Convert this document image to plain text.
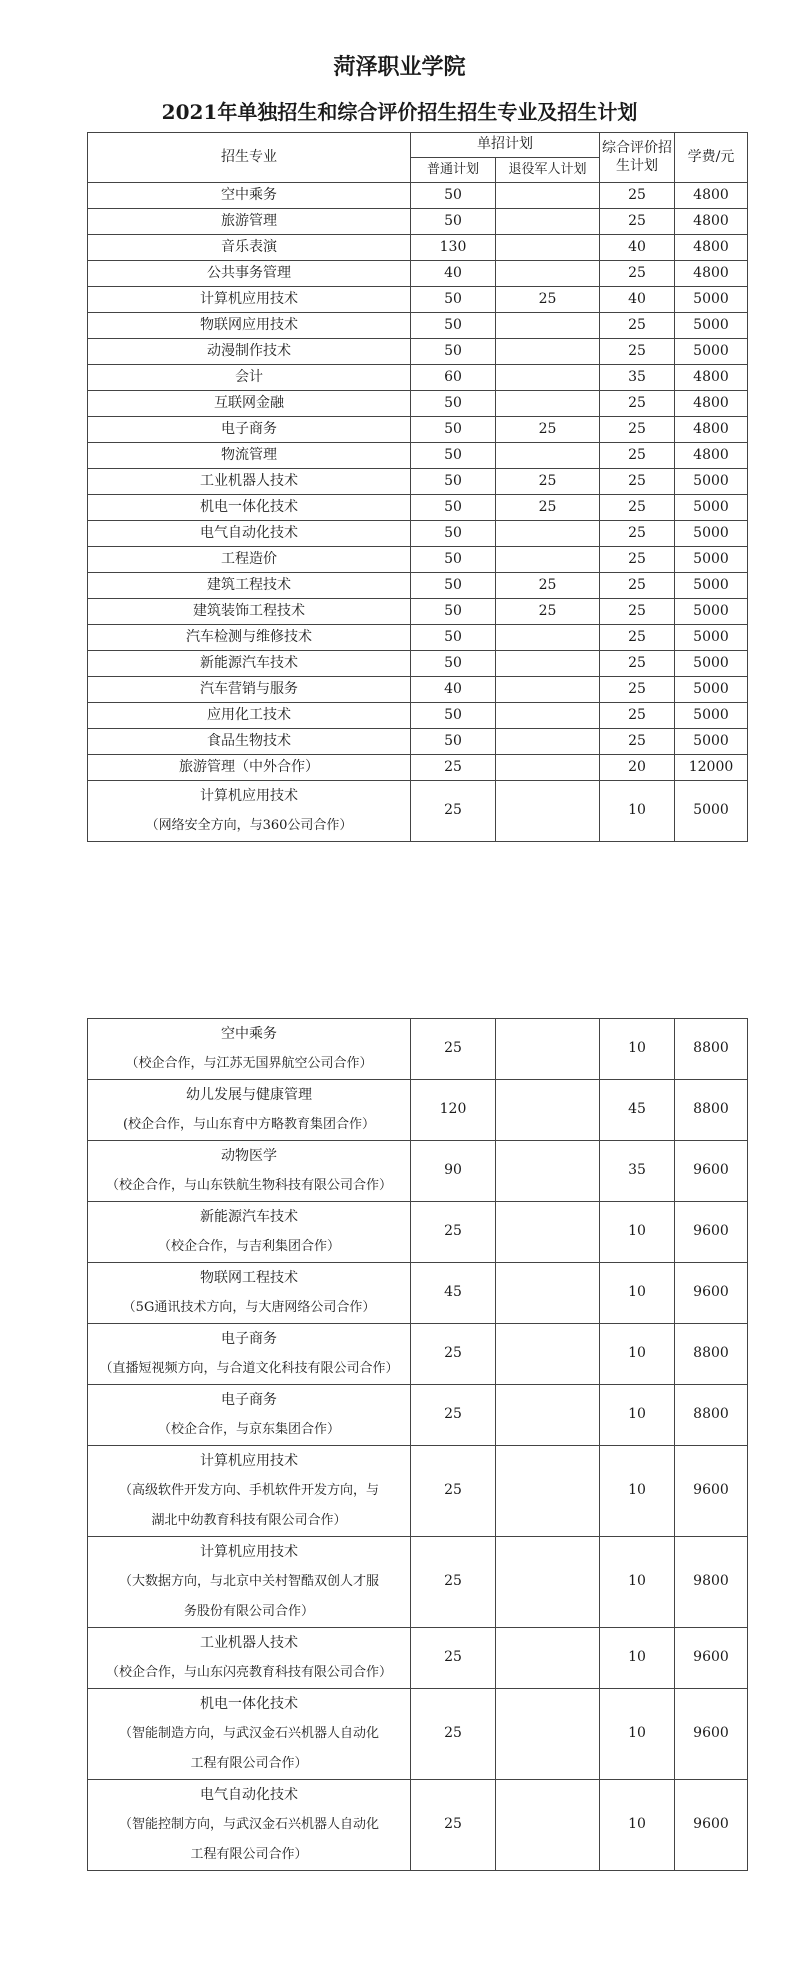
菏泽职业学院
2021年单独招生和综合评价招生招生专业及招生计划
招生专业	单招计划		综合评价招生计划	学费/元
	普通计划	退役军人计划		
空中乘务	50		25	4800
旅游管理	50		25	4800
音乐表演	130		40	4800
公共事务管理	40		25	4800
计算机应用技术	50	25	40	5000
物联网应用技术	50		25	5000
动漫制作技术	50		25	5000
会计	60		35	4800
互联网金融	50		25	4800
电子商务	50	25	25	4800
物流管理	50		25	4800
工业机器人技术	50	25	25	5000
机电一体化技术	50	25	25	5000
电气自动化技术	50		25	5000
工程造价	50		25	5000
建筑工程技术	50	25	25	5000
建筑装饰工程技术	50	25	25	5000
汽车检测与维修技术	50		25	5000
新能源汽车技术	50		25	5000
汽车营销与服务	40		25	5000
应用化工技术	50		25	5000
食品生物技术	50		25	5000
旅游管理（中外合作）	25		20	12000

计算机应用技术
（网络安全方向，与360公司合作）	25		10	5000
空中乘务
（校企合作，与江苏无国界航空公司合作）	25		10	8800

幼儿发展与健康管理
(校企合作，与山东育中方略教育集团合作）	120		45	8800

动物医学
（校企合作，与山东铁航生物科技有限公司合作）	90		35	9600

新能源汽车技术
（校企合作，与吉利集团合作）	25		10	9600

物联网工程技术
（5G通讯技术方向，与大唐网络公司合作）	45		10	9600

电子商务
（直播短视频方向，与合道文化科技有限公司合作）	25		10	8800

电子商务
（校企合作，与京东集团合作）	25		10	8800

计算机应用技术
（高级软件开发方向、手机软件开发方向，与
湖北中幼教育科技有限公司合作）	25		10	9600

计算机应用技术
（大数据方向，与北京中关村智酷双创人才服
务股份有限公司合作）	25		10	9800

工业机器人技术
（校企合作，与山东闪亮教育科技有限公司合作）	25		10	9600

机电一体化技术
（智能制造方向，与武汉金石兴机器人自动化
工程有限公司合作）	25		10	9600

电气自动化技术
（智能控制方向，与武汉金石兴机器人自动化
工程有限公司合作）	25		10	9600
